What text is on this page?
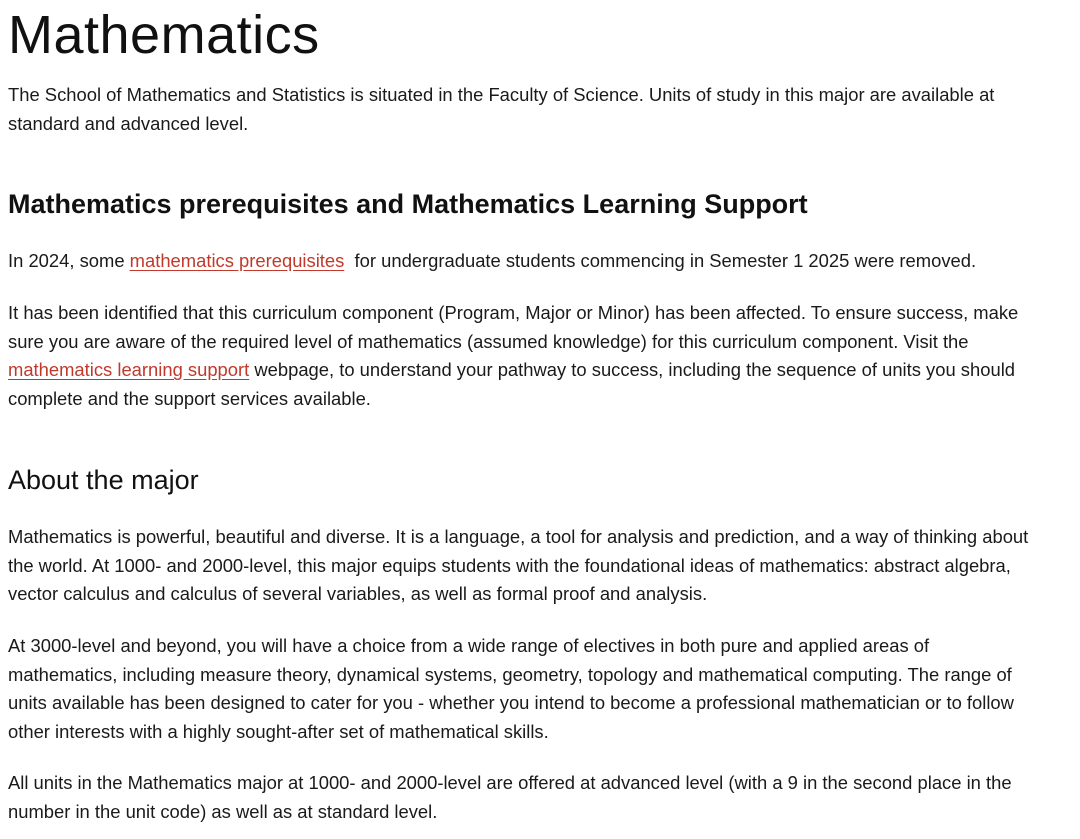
Mathematics

The School of Mathematics and Statistics is situated in the Faculty of Science. Units of study in this major are available at standard and advanced level.

Mathematics prerequisites and Mathematics Learning Support

In 2024, some mathematics prerequisites  for undergraduate students commencing in Semester 1 2025 were removed.

It has been identified that this curriculum component (Program, Major or Minor) has been affected. To ensure success, make sure you are aware of the required level of mathematics (assumed knowledge) for this curriculum component. Visit the mathematics learning support webpage, to understand your pathway to success, including the sequence of units you should complete and the support services available.

About the major

Mathematics is powerful, beautiful and diverse. It is a language, a tool for analysis and prediction, and a way of thinking about the world. At 1000- and 2000-level, this major equips students with the foundational ideas of mathematics: abstract algebra, vector calculus and calculus of several variables, as well as formal proof and analysis.

At 3000-level and beyond, you will have a choice from a wide range of electives in both pure and applied areas of mathematics, including measure theory, dynamical systems, geometry, topology and mathematical computing. The range of units available has been designed to cater for you - whether you intend to become a professional mathematician or to follow other interests with a highly sought-after set of mathematical skills.

All units in the Mathematics major at 1000- and 2000-level are offered at advanced level (with a 9 in the second place in the number in the unit code) as well as at standard level.
